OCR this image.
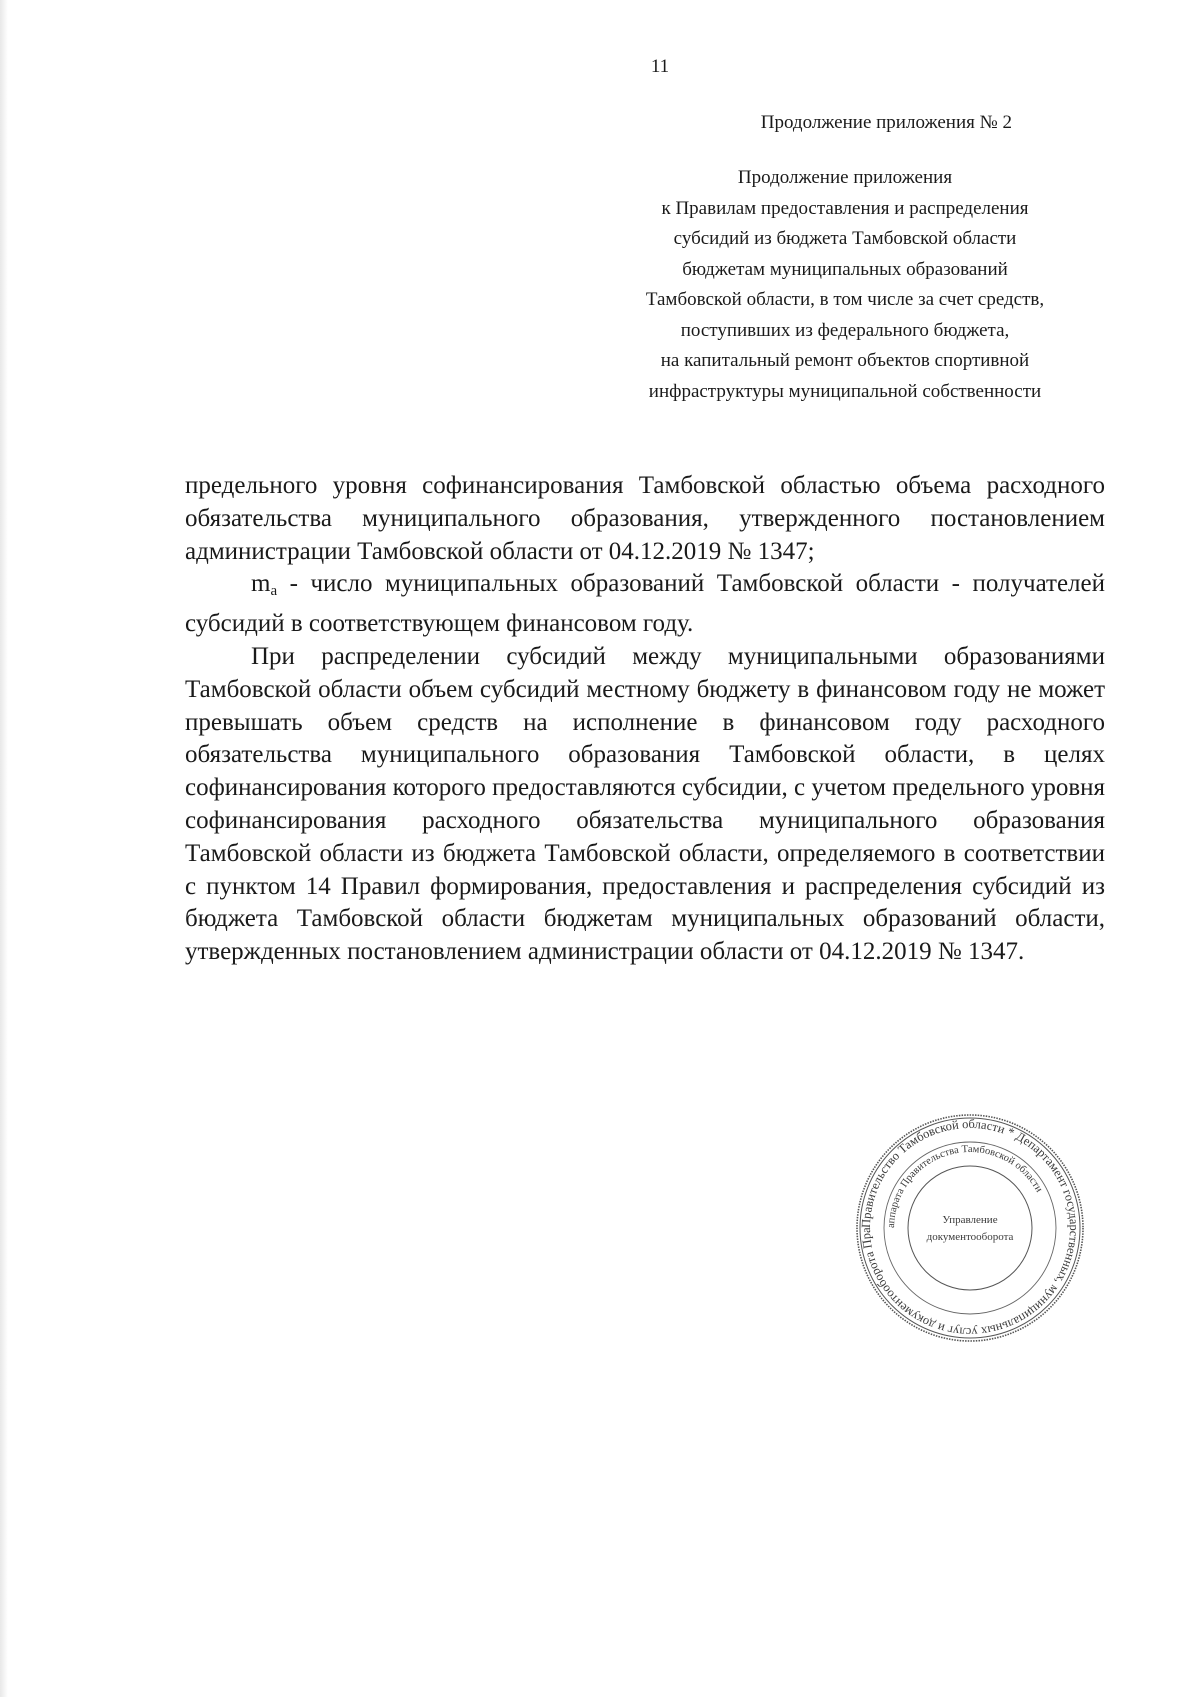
11
Продолжение приложения № 2
Продолжение приложения
к Правилам предоставления и распределения
субсидий из бюджета Тамбовской области
бюджетам муниципальных образований
Тамбовской области, в том числе за счет средств,
поступивших из федерального бюджета,
на капитальный ремонт объектов спортивной
инфраструктуры муниципальной собственности

предельного уровня софинансирования Тамбовской областью объема расходного обязательства муниципального образования, утвержденного постановлением администрации Тамбовской области от 04.12.2019 № 1347;

$m_а$ - число муниципальных образований Тамбовской области - получателей субсидий в соответствующем финансовом году.

При распределении субсидий между муниципальными образованиями Тамбовской области объем субсидий местному бюджету в финансовом году не может превышать объем средств на исполнение в финансовом году расходного обязательства муниципального образования Тамбовской области, в целях софинансирования которого предоставляются субсидии, с учетом предельного уровня софинансирования расходного обязательства муниципального образования Тамбовской области из бюджета Тамбовской области, определяемого в соответствии с пунктом 14 Правил формирования, предоставления и распределения субсидий из бюджета Тамбовской области бюджетам муниципальных образований области, утвержденных постановлением администрации области от 04.12.2019 № 1347.

Правительство Тамбовской области * Департамент государственных, муниципальных услуг и документооборота Пра
аппарата Правительства Тамбовской области
Управление
документооборота
